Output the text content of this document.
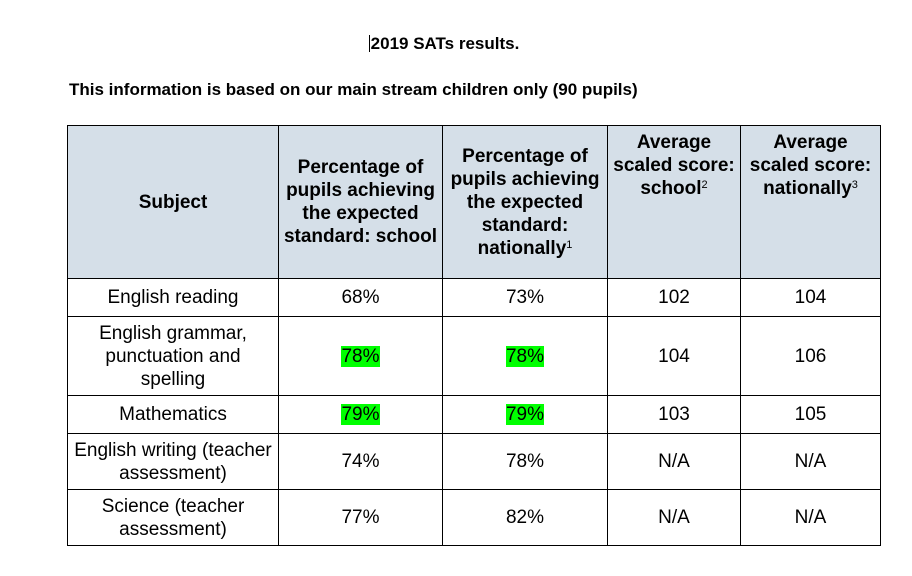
2019 SATs results.
This information is based on our main stream children only (90 pupils)
Subject	Percentage of pupils achieving the expected standard: school	Percentage of pupils achieving the expected standard: nationally$^1$	Average scaled score: school$^2$	Average scaled score: nationally$^3$
English reading	68%	73%	102	104
English grammar, punctuation and spelling	78%	78%	104	106
Mathematics	79%	79%	103	105
English writing (teacher assessment)	74%	78%	N/A	N/A
Science (teacher assessment)	77%	82%	N/A	N/A
